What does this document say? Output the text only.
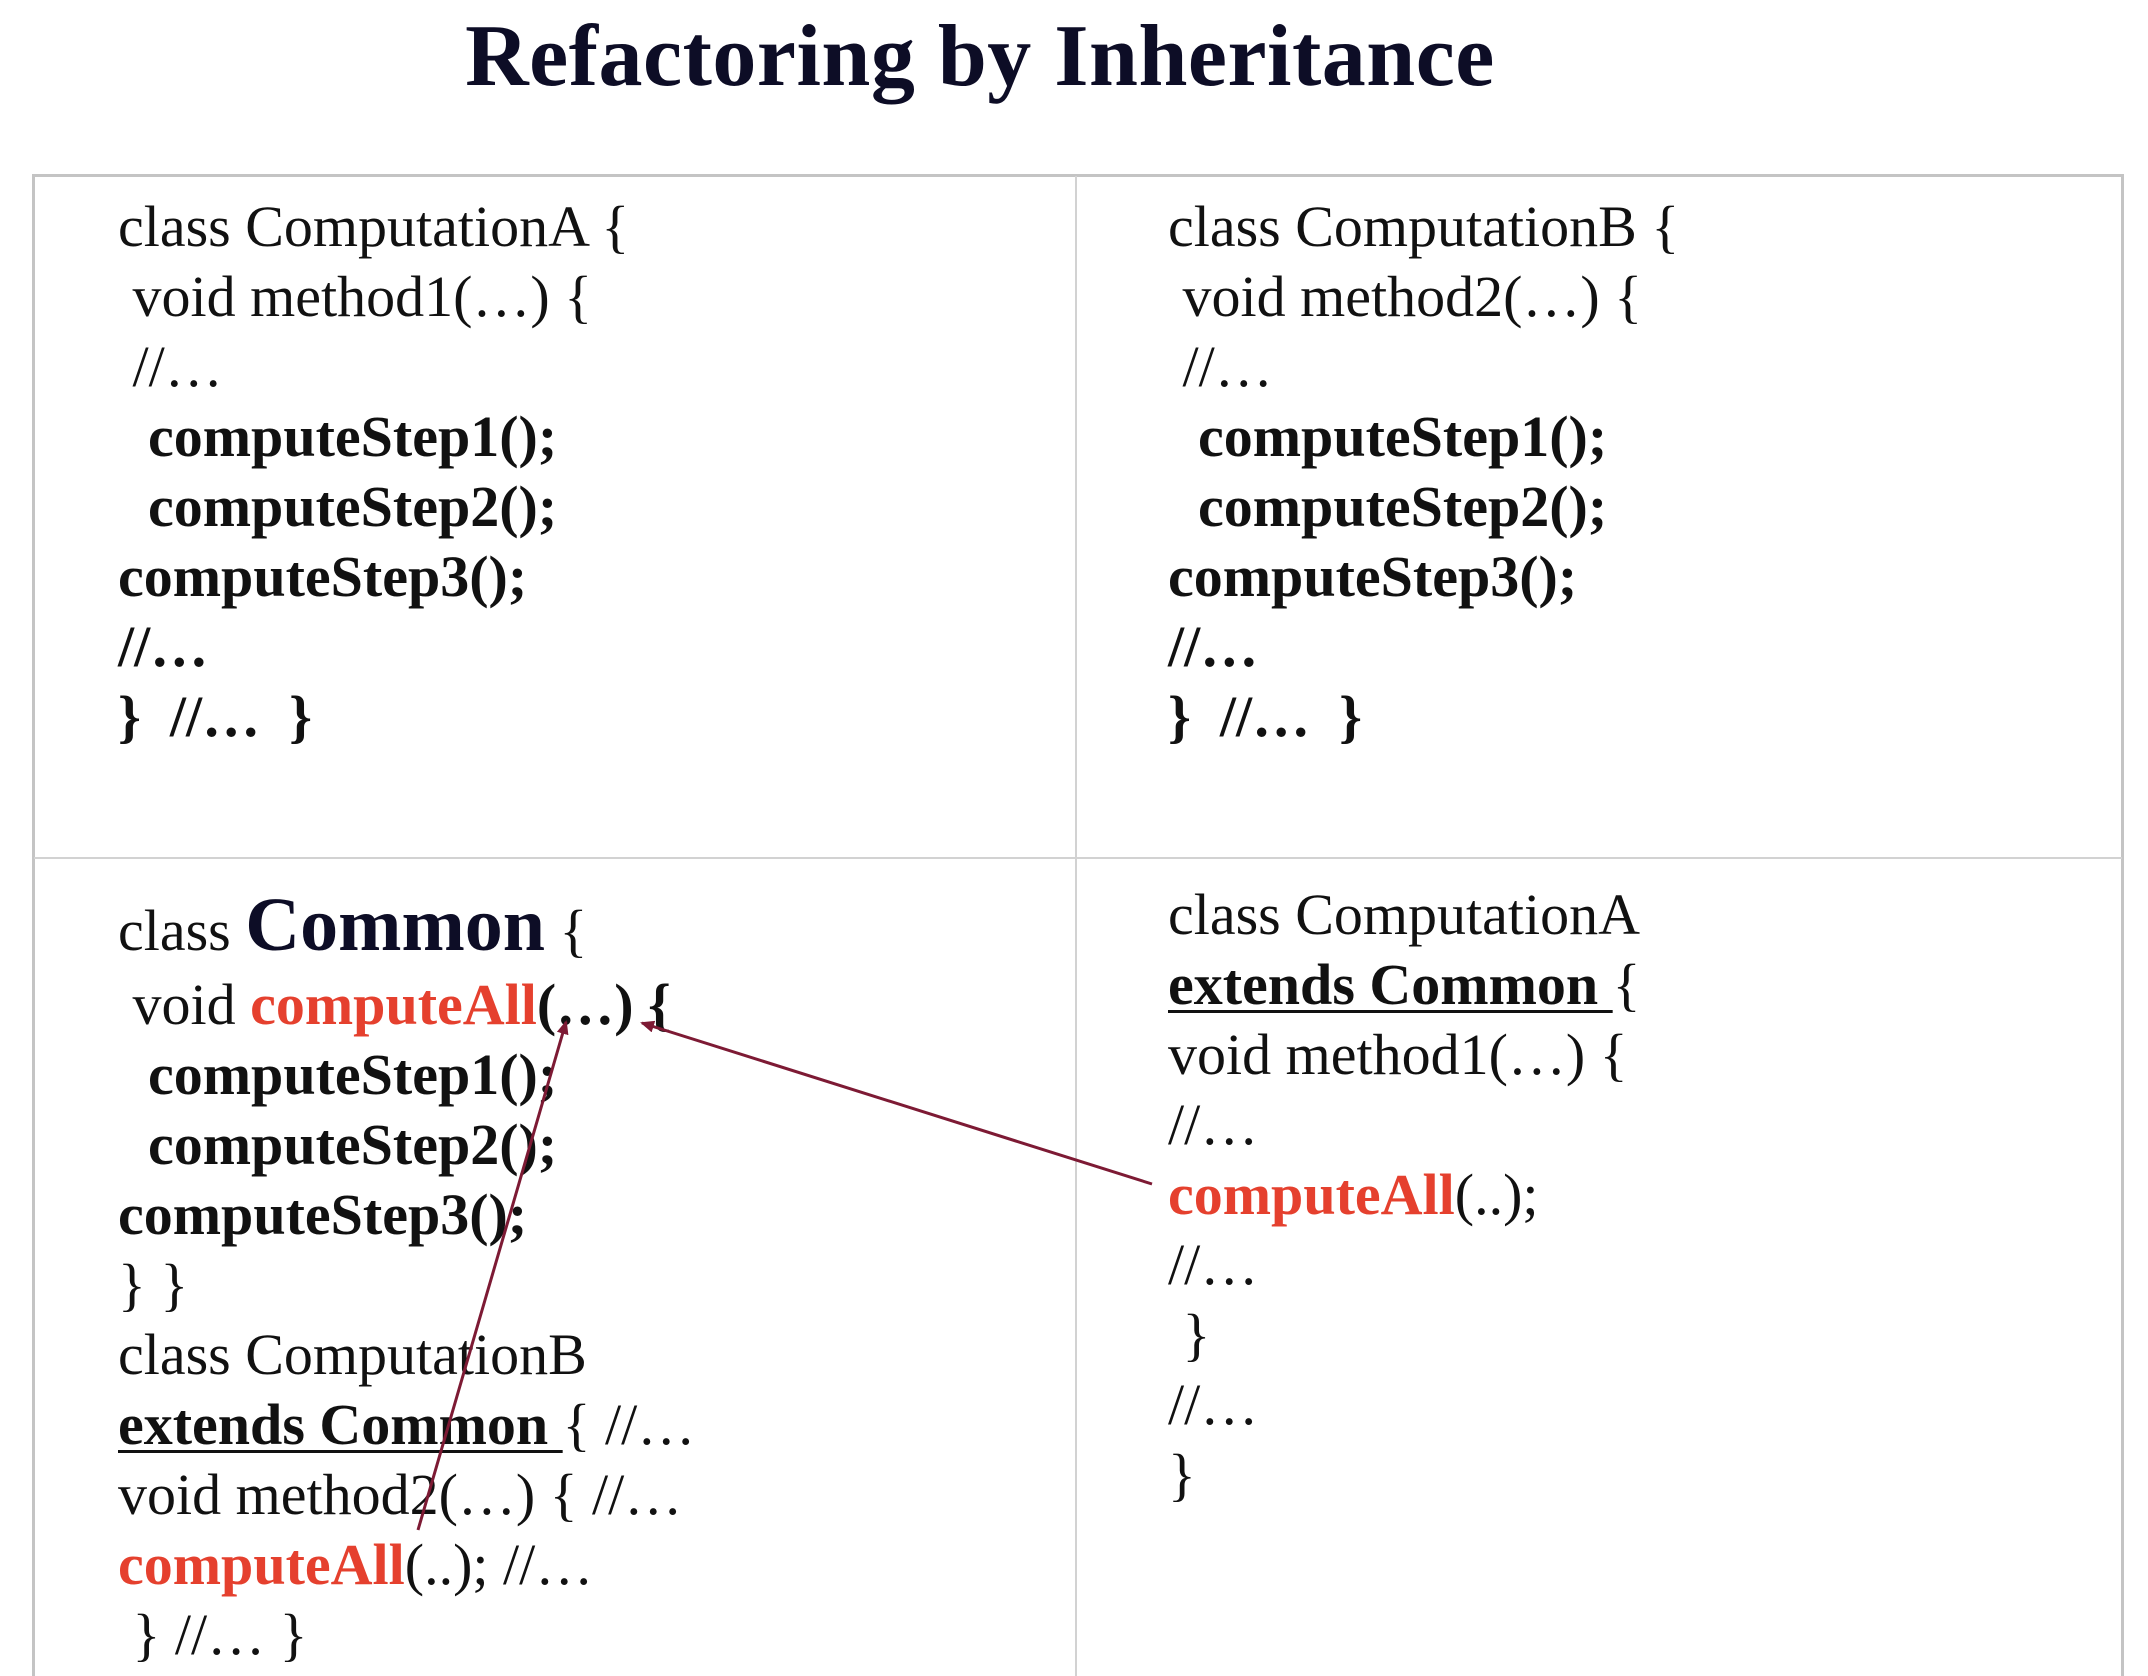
Refactoring by Inheritance
class ComputationA {
void method1(…) {
//…
computeStep1();
computeStep2();
computeStep3();
//…
}  //…  }
class ComputationB {
void method2(…) {
//…
computeStep1();
computeStep2();
computeStep3();
//…
}  //…  }
class Common {
void computeAll(…) {
computeStep1();
computeStep2();
computeStep3();
} }
class ComputationB
extends Common { //…
void method2(…) { //…
computeAll(..); //…
} //… }
class ComputationA
extends Common {
void method1(…) {
//…
computeAll(..);
//…
}
//…
}
